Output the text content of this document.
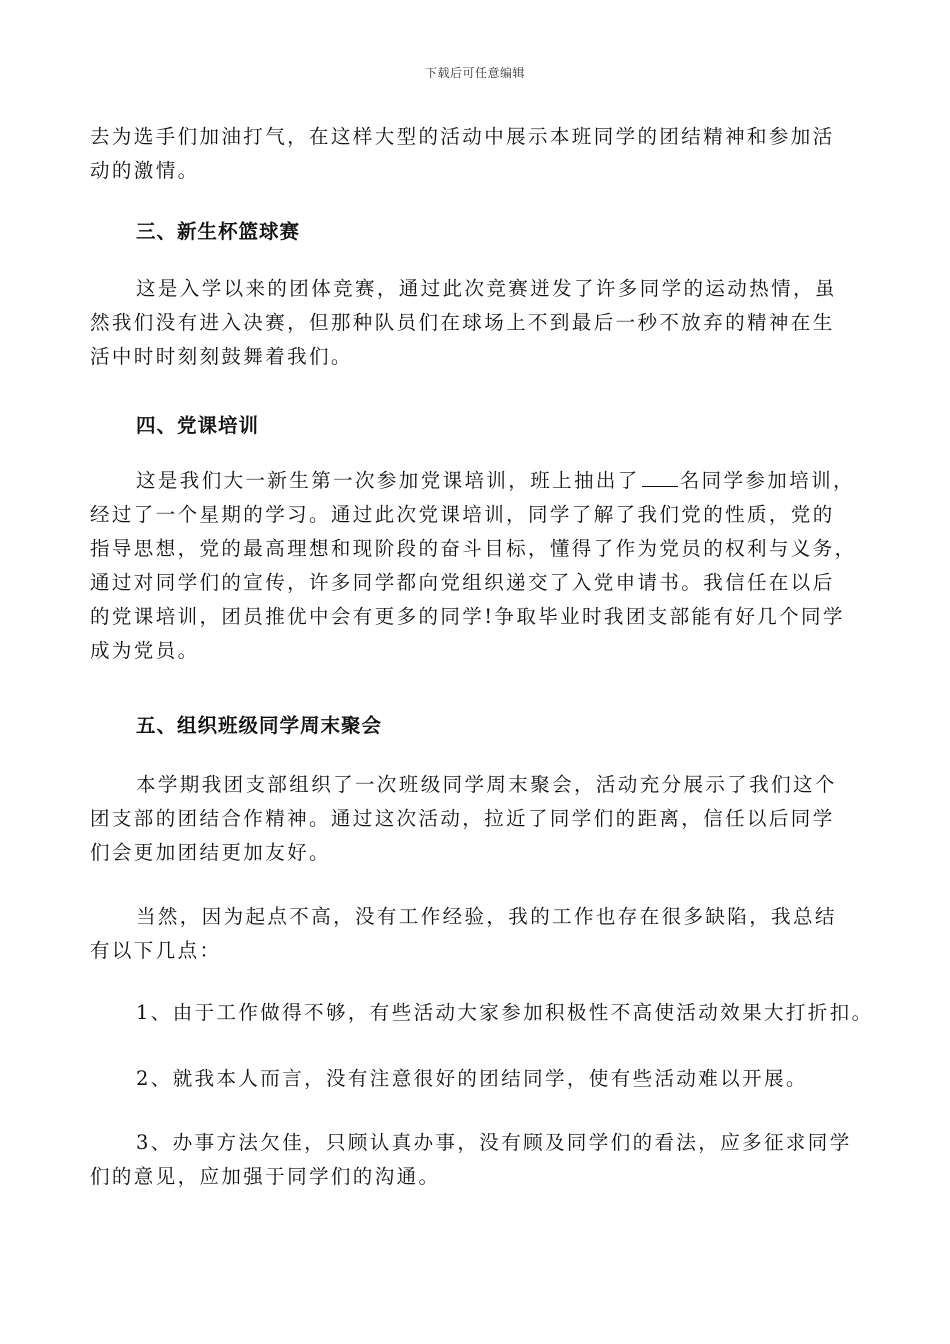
下载后可任意编辑
去为选手们加油打气，在这样大型的活动中展示本班同学的团结精神和参加活
动的激情。
三、新生杯篮球赛
这是入学以来的团体竞赛，通过此次竞赛迸发了许多同学的运动热情，虽
然我们没有进入决赛，但那种队员们在球场上不到最后一秒不放弃的精神在生
活中时时刻刻鼓舞着我们。
四、党课培训
这是我们大一新生第一次参加党课培训，班上抽出了 名同学参加培训，
经过了一个星期的学习。通过此次党课培训，同学了解了我们党的性质，党的
指导思想，党的最高理想和现阶段的奋斗目标，懂得了作为党员的权利与义务，
通过对同学们的宣传，许多同学都向党组织递交了入党申请书。我信任在以后
的党课培训，团员推优中会有更多的同学!争取毕业时我团支部能有好几个同学
成为党员。
五、组织班级同学周末聚会
本学期我团支部组织了一次班级同学周末聚会，活动充分展示了我们这个
团支部的团结合作精神。通过这次活动，拉近了同学们的距离，信任以后同学
们会更加团结更加友好。
当然，因为起点不高，没有工作经验，我的工作也存在很多缺陷，我总结
有以下几点：
1、由于工作做得不够，有些活动大家参加积极性不高使活动效果大打折扣。
2、就我本人而言，没有注意很好的团结同学，使有些活动难以开展。
3、办事方法欠佳，只顾认真办事，没有顾及同学们的看法，应多征求同学
们的意见，应加强于同学们的沟通。
